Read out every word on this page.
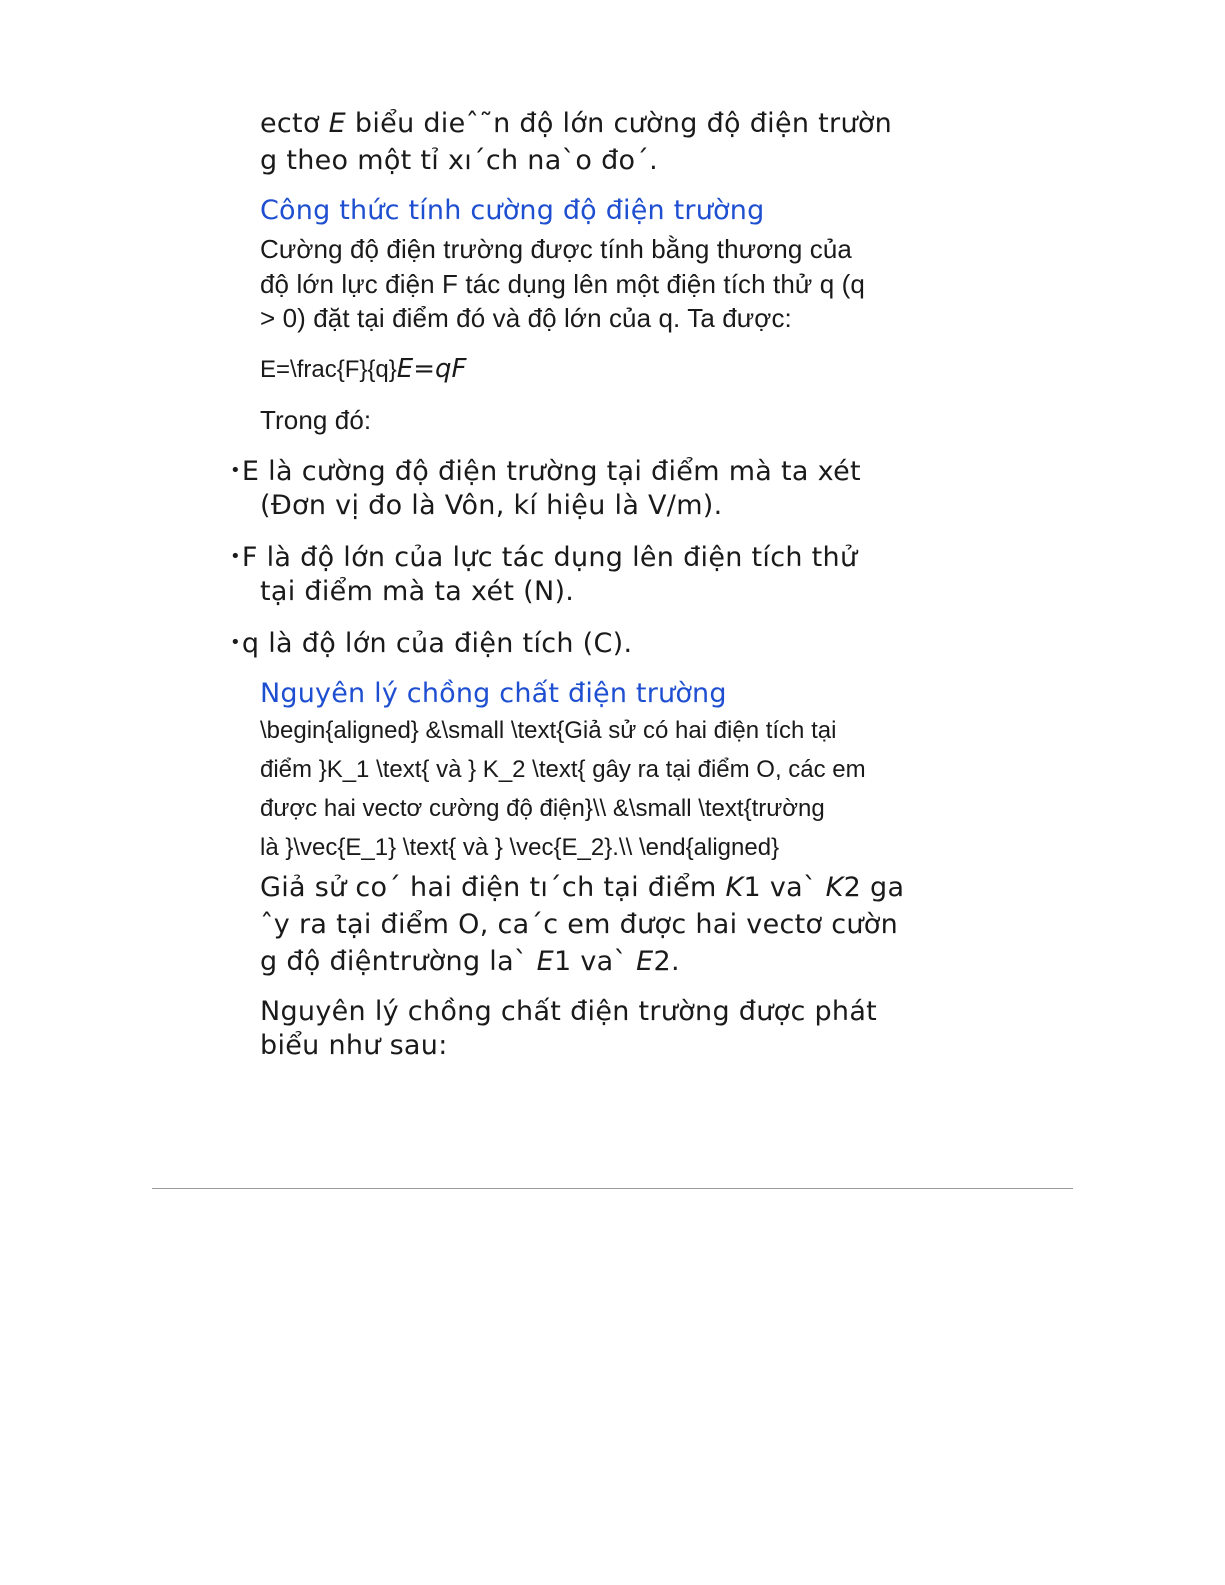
ectơ E biểu dieˆ˜n độ lớn cường độ điện trườn

g theo một tỉ xı´ch na`o đo´.

Công thức tính cường độ điện trường

Cường độ điện trường được tính bằng thương của

độ lớn lực điện F tác dụng lên một điện tích thử q (q

> 0) đặt tại điểm đó và độ lớn của q. Ta được:

E=\frac{F}{q}E=qF

Trong đó:

•E là cường độ điện trường tại điểm mà ta xét

(Đơn vị đo là Vôn, kí hiệu là V/m).

•F là độ lớn của lực tác dụng lên điện tích thử

tại điểm mà ta xét (N).

•q là độ lớn của điện tích (C).

Nguyên lý chồng chất điện trường

\begin{aligned} &\small \text{Giả sử có hai điện tích tại

điểm }K_1 \text{ và } K_2 \text{ gây ra tại điểm O, các em

được hai vectơ cường độ điện}\\ &\small \text{trường

là }\vec{E_1} \text{ và } \vec{E_2}.\\ \end{aligned}

Giả sử co´ hai điện tı´ch tại điểm K1 va` K2 ga

ˆy ra tại điểm O, ca´c em được hai vectơ cườn

g độ điệntrường la` E1 va` E2.

Nguyên lý chồng chất điện trường được phát

biểu như sau:
